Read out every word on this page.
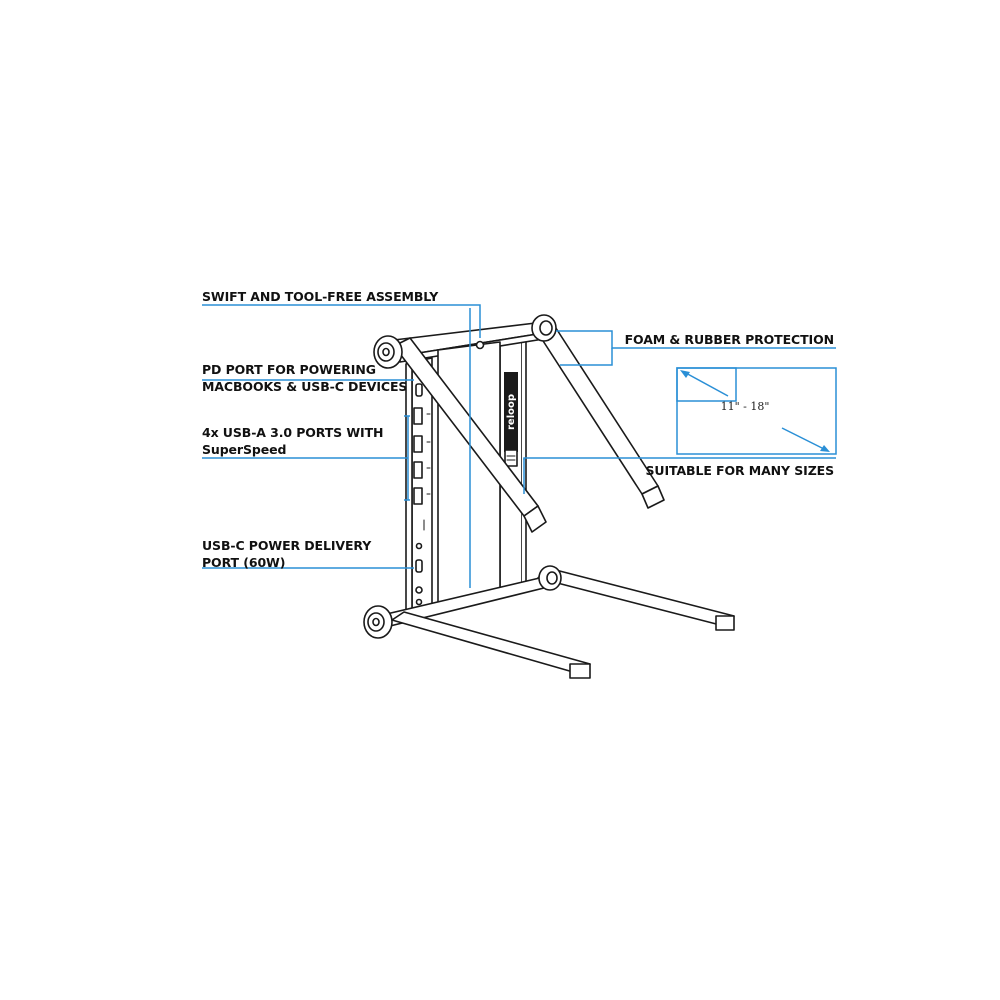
reloop
SWIFT AND TOOL-FREE ASSEMBLY
PD PORT FOR POWERING
MACBOOKS & USB-C DEVICES
4x USB-A 3.0 PORTS WITH
SuperSpeed
USB-C POWER DELIVERY
PORT (60W)
FOAM & RUBBER PROTECTION
SUITABLE FOR MANY SIZES
11" - 18"
